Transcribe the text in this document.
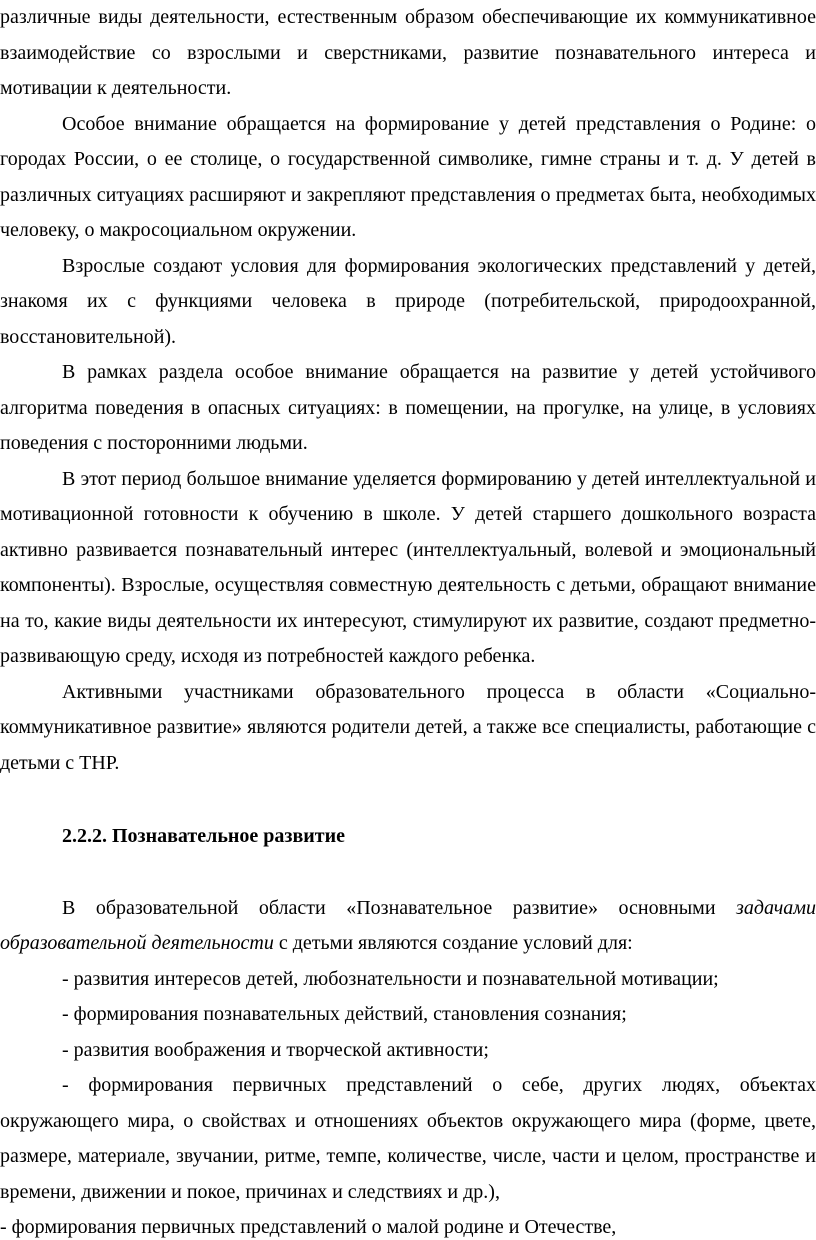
различные виды деятельности, естественным образом обеспечивающие их коммуникативное взаимодействие со взрослыми и сверстниками, развитие познавательного интереса и мотивации к деятельности.

Особое внимание обращается на формирование у детей представления о Родине: о городах России, о ее столице, о государственной символике, гимне страны и т. д. У детей в различных ситуациях расширяют и закрепляют представления о предметах быта, необходимых человеку, о макросоциальном окружении.

Взрослые создают условия для формирования экологических представлений у детей, знакомя их с функциями человека в природе (потребительской, природоохранной, восстановительной).

В рамках раздела особое внимание обращается на развитие у детей устойчивого алгоритма поведения в опасных ситуациях: в помещении, на прогулке, на улице, в условиях поведения с посторонними людьми.

В этот период большое внимание уделяется формированию у детей интеллектуальной и мотивационной готовности к обучению в школе. У детей старшего дошкольного возраста активно развивается познавательный интерес (интеллектуальный, волевой и эмоциональный компоненты). Взрослые, осуществляя совместную деятельность с детьми, обращают внимание на то, какие виды деятельности их интересуют, стимулируют их развитие, создают предметно-развивающую среду, исходя из потребностей каждого ребенка.

Активными участниками образовательного процесса в области «Социально-коммуникативное развитие» являются родители детей, а также все специалисты, работающие с детьми с ТНР.

2.2.2. Познавательное развитие

В образовательной области «Познавательное развитие» основными задачами образовательной деятельности с детьми являются создание условий для:

- развития интересов детей, любознательности и познавательной мотивации;

- формирования познавательных действий, становления сознания;

- развития воображения и творческой активности;

- формирования первичных представлений о себе, других людях, объектах окружающего мира, о свойствах и отношениях объектов окружающего мира (форме, цвете, размере, материале, звучании, ритме, темпе, количестве, числе, части и целом, пространстве и времени, движении и покое, причинах и следствиях и др.),

- формирования первичных представлений о малой родине и Отечестве,
